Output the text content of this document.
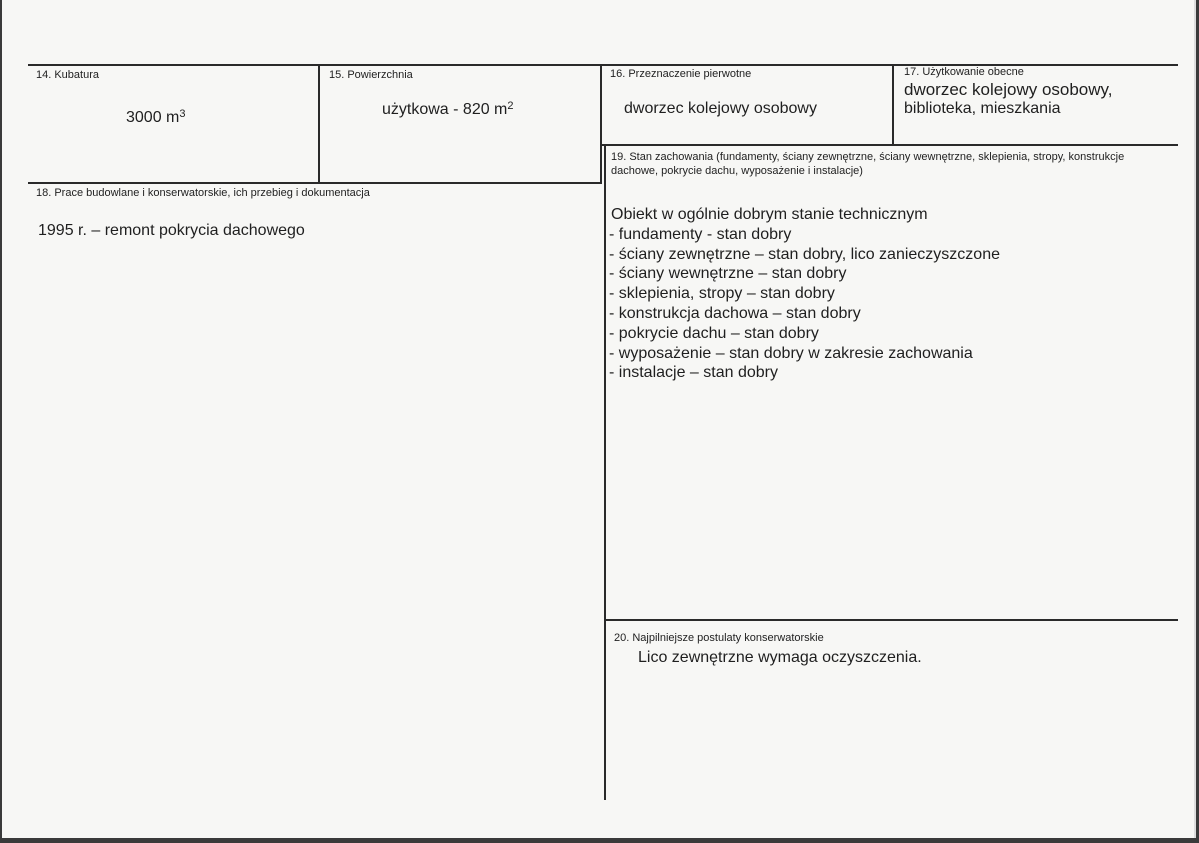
14. Kubatura
3000 $m^3$
15. Powierzchnia
użytkowa - 820 $m^2$
16. Przeznaczenie pierwotne
dworzec kolejowy osobowy
17. Użytkowanie obecne
dworzec kolejowy osobowy,
biblioteka, mieszkania
18. Prace budowlane i konserwatorskie, ich przebieg i dokumentacja
1995 r. – remont pokrycia dachowego
19. Stan zachowania (fundamenty, ściany zewnętrzne, ściany wewnętrzne, sklepienia, stropy, konstrukcje dachowe, pokrycie dachu, wyposażenie i instalacje)
Obiekt w ogólnie dobrym stanie technicznym
- fundamenty - stan dobry
- ściany zewnętrzne – stan dobry, lico zanieczyszczone
- ściany wewnętrzne – stan dobry
- sklepienia, stropy – stan dobry
- konstrukcja dachowa – stan dobry
- pokrycie dachu – stan dobry
- wyposażenie – stan dobry w zakresie zachowania
- instalacje – stan dobry
20. Najpilniejsze postulaty konserwatorskie
Lico zewnętrzne wymaga oczyszczenia.
